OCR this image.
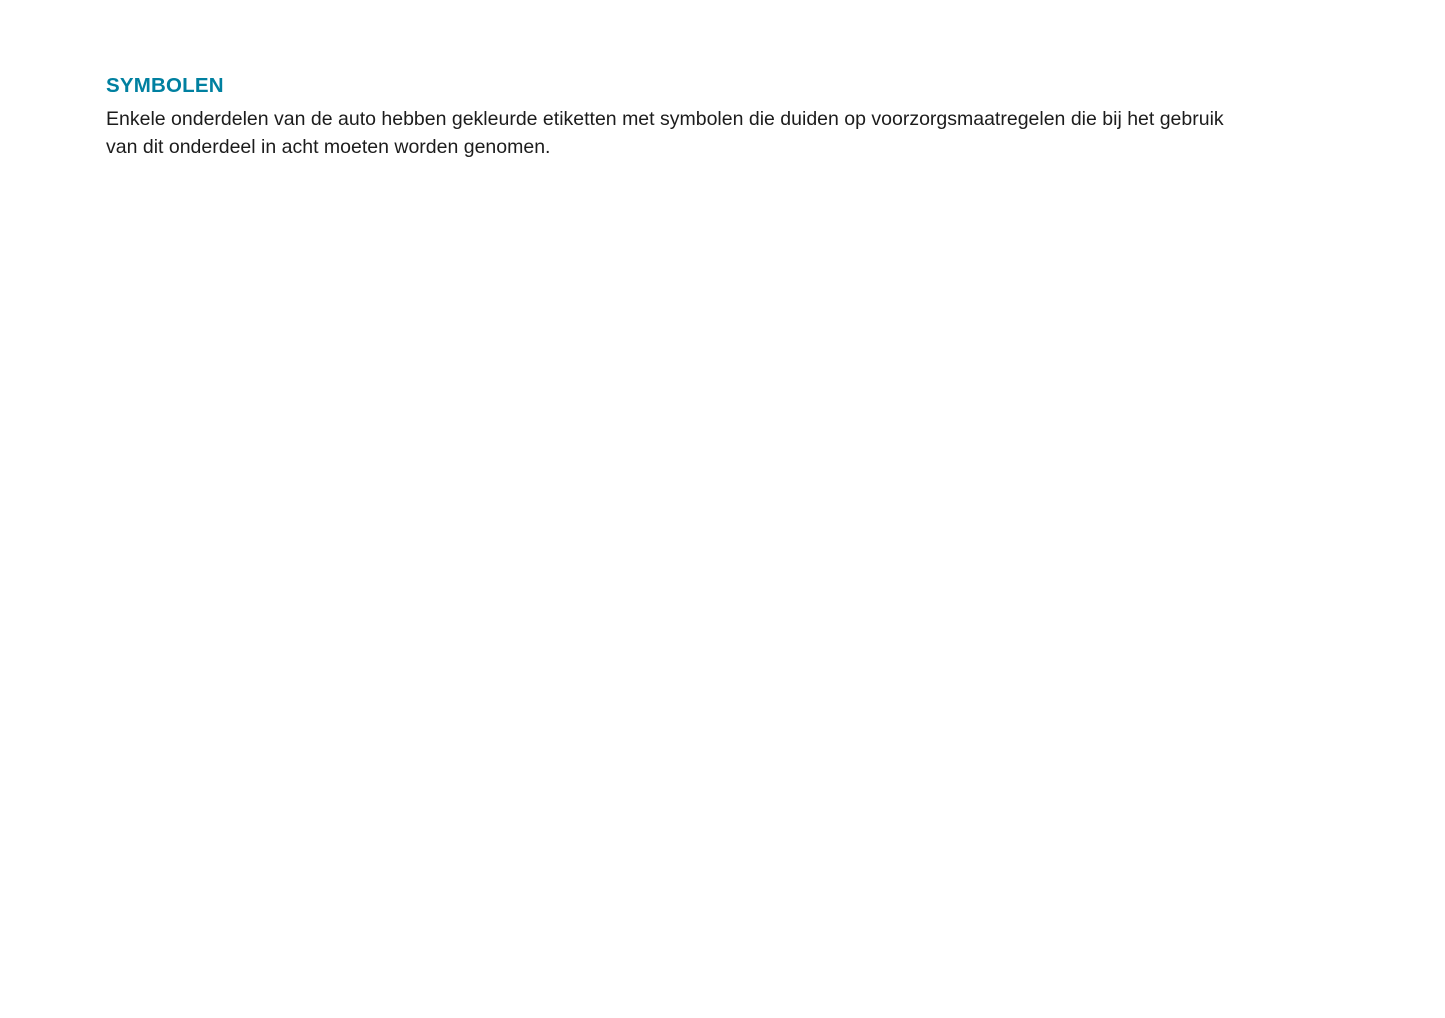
SYMBOLEN

Enkele onderdelen van de auto hebben gekleurde etiketten met symbolen die duiden op voorzorgsmaatregelen die bij het gebruik van dit onderdeel in acht moeten worden genomen.
